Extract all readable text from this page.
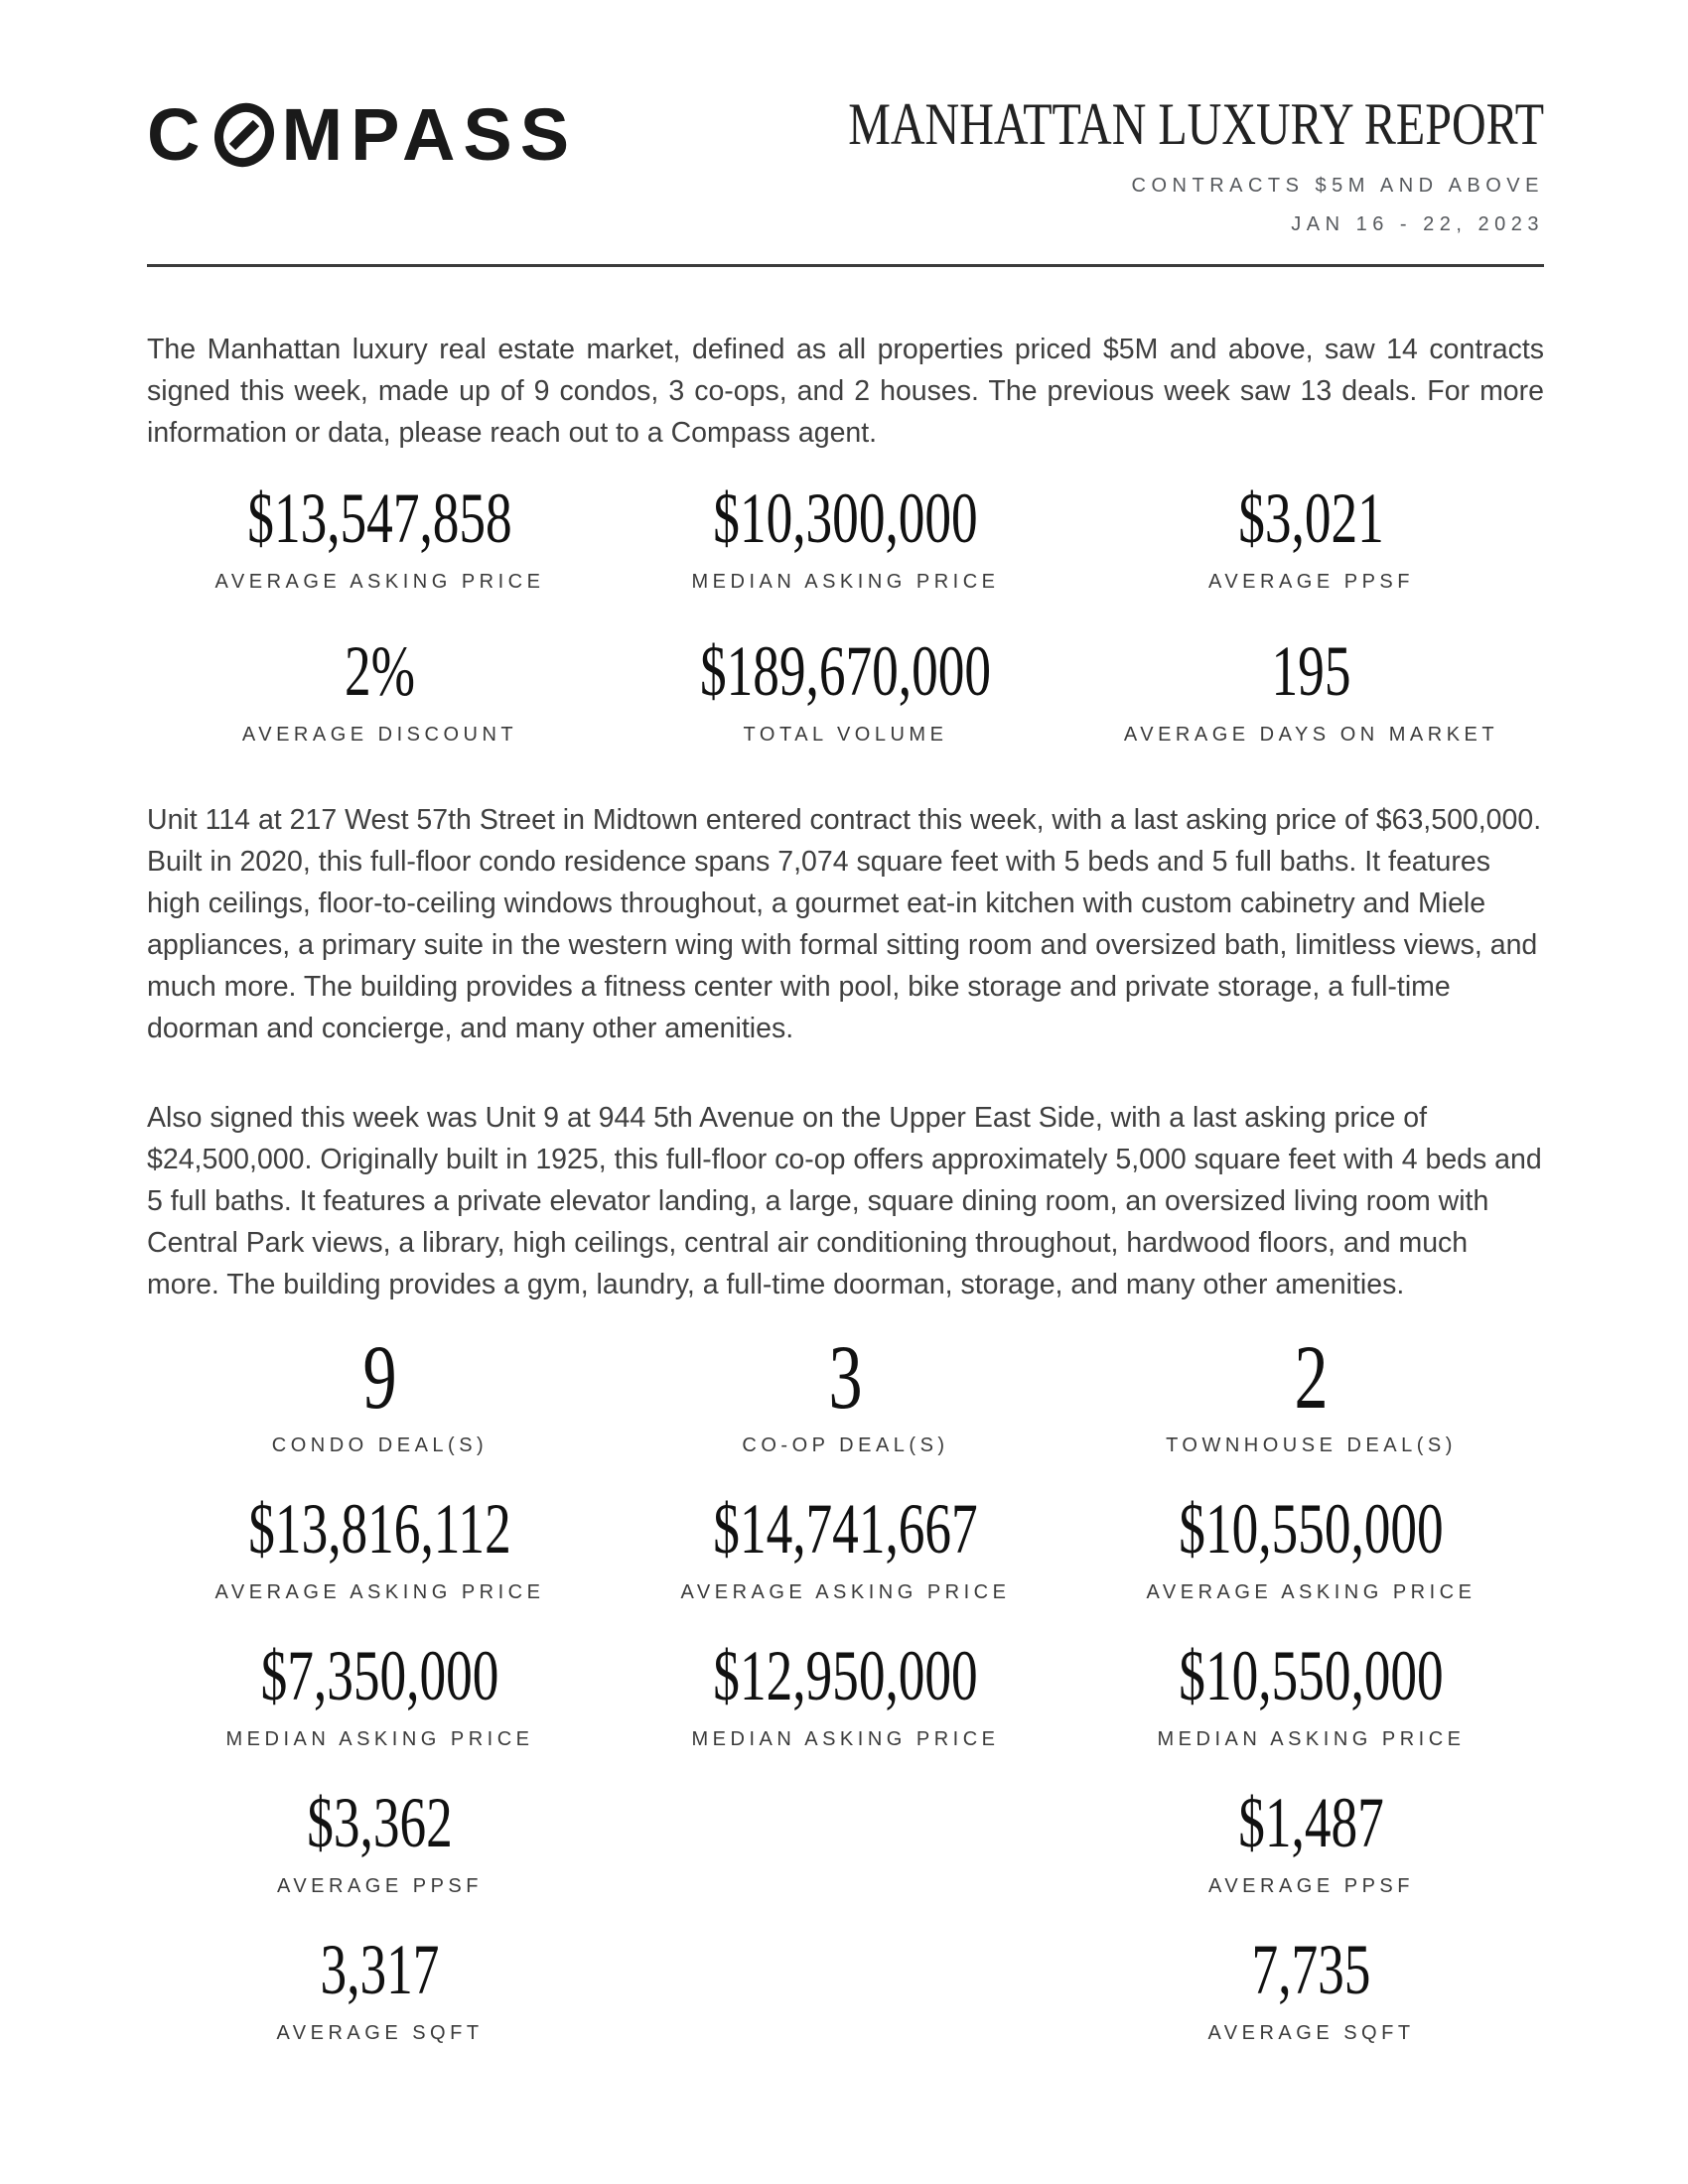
C MPASS	MANHATTAN LUXURY REPORT
CONTRACTS $5M AND ABOVE
JAN 16 - 22, 2023

The Manhattan luxury real estate market, defined as all properties priced $5M and above, saw 14 contracts signed this week, made up of 9 condos, 3 co-ops, and 2 houses. The previous week saw 13 deals. For more information or data, please reach out to a Compass agent.

$13,547,858
AVERAGE ASKING PRICE
$10,300,000
MEDIAN ASKING PRICE
$3,021
AVERAGE PPSF
2%
AVERAGE DISCOUNT
$189,670,000
TOTAL VOLUME
195
AVERAGE DAYS ON MARKET

Unit 114 at 217 West 57th Street in Midtown entered contract this week, with a last asking price of $63,500,000. Built in 2020, this full-floor condo residence spans 7,074 square feet with 5 beds and 5 full baths. It features high ceilings, floor-to-ceiling windows throughout, a gourmet eat-in kitchen with custom cabinetry and Miele appliances, a primary suite in the western wing with formal sitting room and oversized bath, limitless views, and much more. The building provides a fitness center with pool, bike storage and private storage, a full-time doorman and concierge, and many other amenities.

Also signed this week was Unit 9 at 944 5th Avenue on the Upper East Side, with a last asking price of $24,500,000. Originally built in 1925, this full-floor co-op offers approximately 5,000 square feet with 4 beds and 5 full baths. It features a private elevator landing, a large, square dining room, an oversized living room with Central Park views, a library, high ceilings, central air conditioning throughout, hardwood floors, and much more. The building provides a gym, laundry, a full-time doorman, storage, and many other amenities.

9
CONDO DEAL(S)
3
CO-OP DEAL(S)
2
TOWNHOUSE DEAL(S)
$13,816,112
AVERAGE ASKING PRICE
$14,741,667
AVERAGE ASKING PRICE
$10,550,000
AVERAGE ASKING PRICE
$7,350,000
MEDIAN ASKING PRICE
$12,950,000
MEDIAN ASKING PRICE
$10,550,000
MEDIAN ASKING PRICE
$3,362
AVERAGE PPSF
$1,487
AVERAGE PPSF
3,317
AVERAGE SQFT
7,735
AVERAGE SQFT
